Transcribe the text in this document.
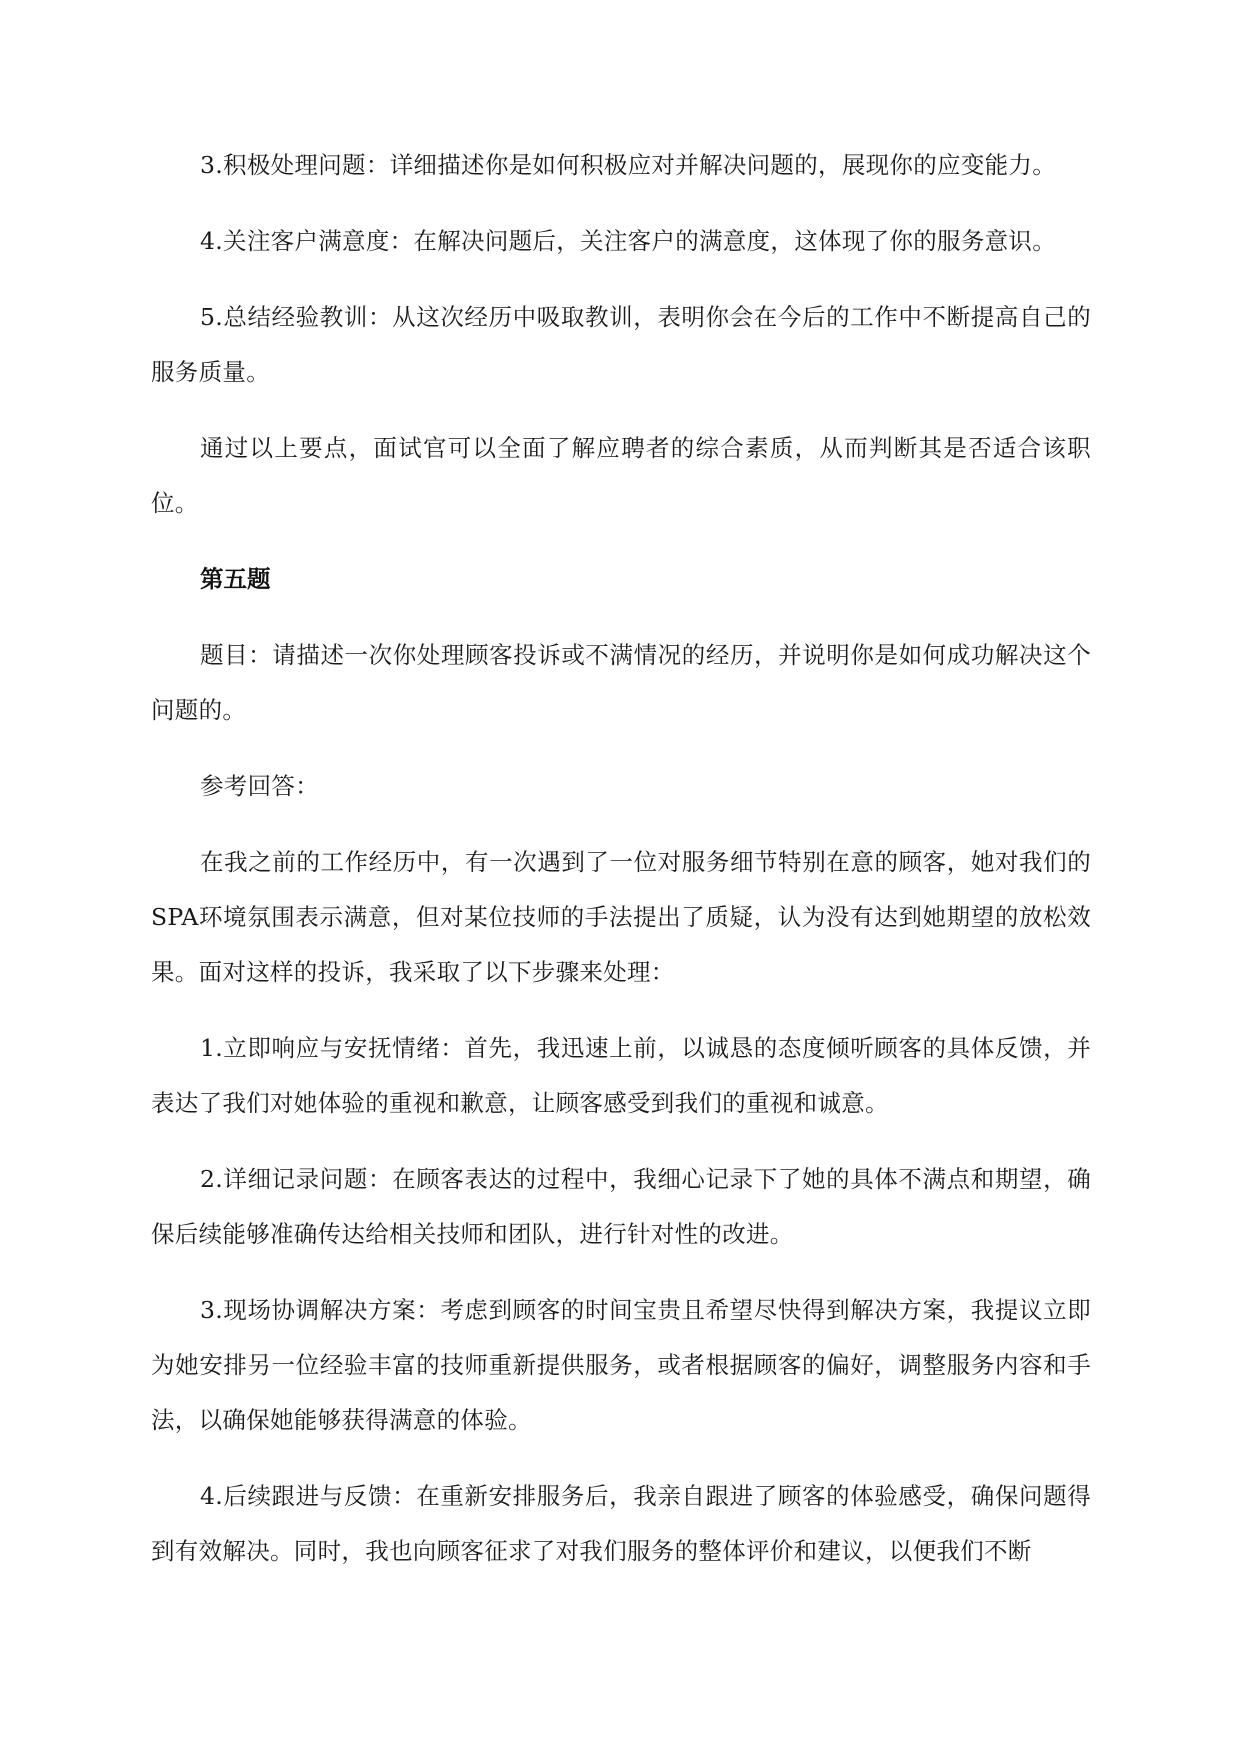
3.积极处理问题：详细描述你是如何积极应对并解决问题的，展现你的应变能力。

4.关注客户满意度：在解决问题后，关注客户的满意度，这体现了你的服务意识。

5.总结经验教训：从这次经历中吸取教训，表明你会在今后的工作中不断提高自己的服务质量。

通过以上要点，面试官可以全面了解应聘者的综合素质，从而判断其是否适合该职位。

第五题

题目：请描述一次你处理顾客投诉或不满情况的经历，并说明你是如何成功解决这个问题的。

参考回答：

在我之前的工作经历中，有一次遇到了一位对服务细节特别在意的顾客，她对我们的SPA环境氛围表示满意，但对某位技师的手法提出了质疑，认为没有达到她期望的放松效果。面对这样的投诉，我采取了以下步骤来处理：

1.立即响应与安抚情绪：首先，我迅速上前，以诚恳的态度倾听顾客的具体反馈，并表达了我们对她体验的重视和歉意，让顾客感受到我们的重视和诚意。

2.详细记录问题：在顾客表达的过程中，我细心记录下了她的具体不满点和期望，确保后续能够准确传达给相关技师和团队，进行针对性的改进。

3.现场协调解决方案：考虑到顾客的时间宝贵且希望尽快得到解决方案，我提议立即为她安排另一位经验丰富的技师重新提供服务，或者根据顾客的偏好，调整服务内容和手法，以确保她能够获得满意的体验。

4.后续跟进与反馈：在重新安排服务后，我亲自跟进了顾客的体验感受，确保问题得到有效解决。同时，我也向顾客征求了对我们服务的整体评价和建议，以便我们不断
